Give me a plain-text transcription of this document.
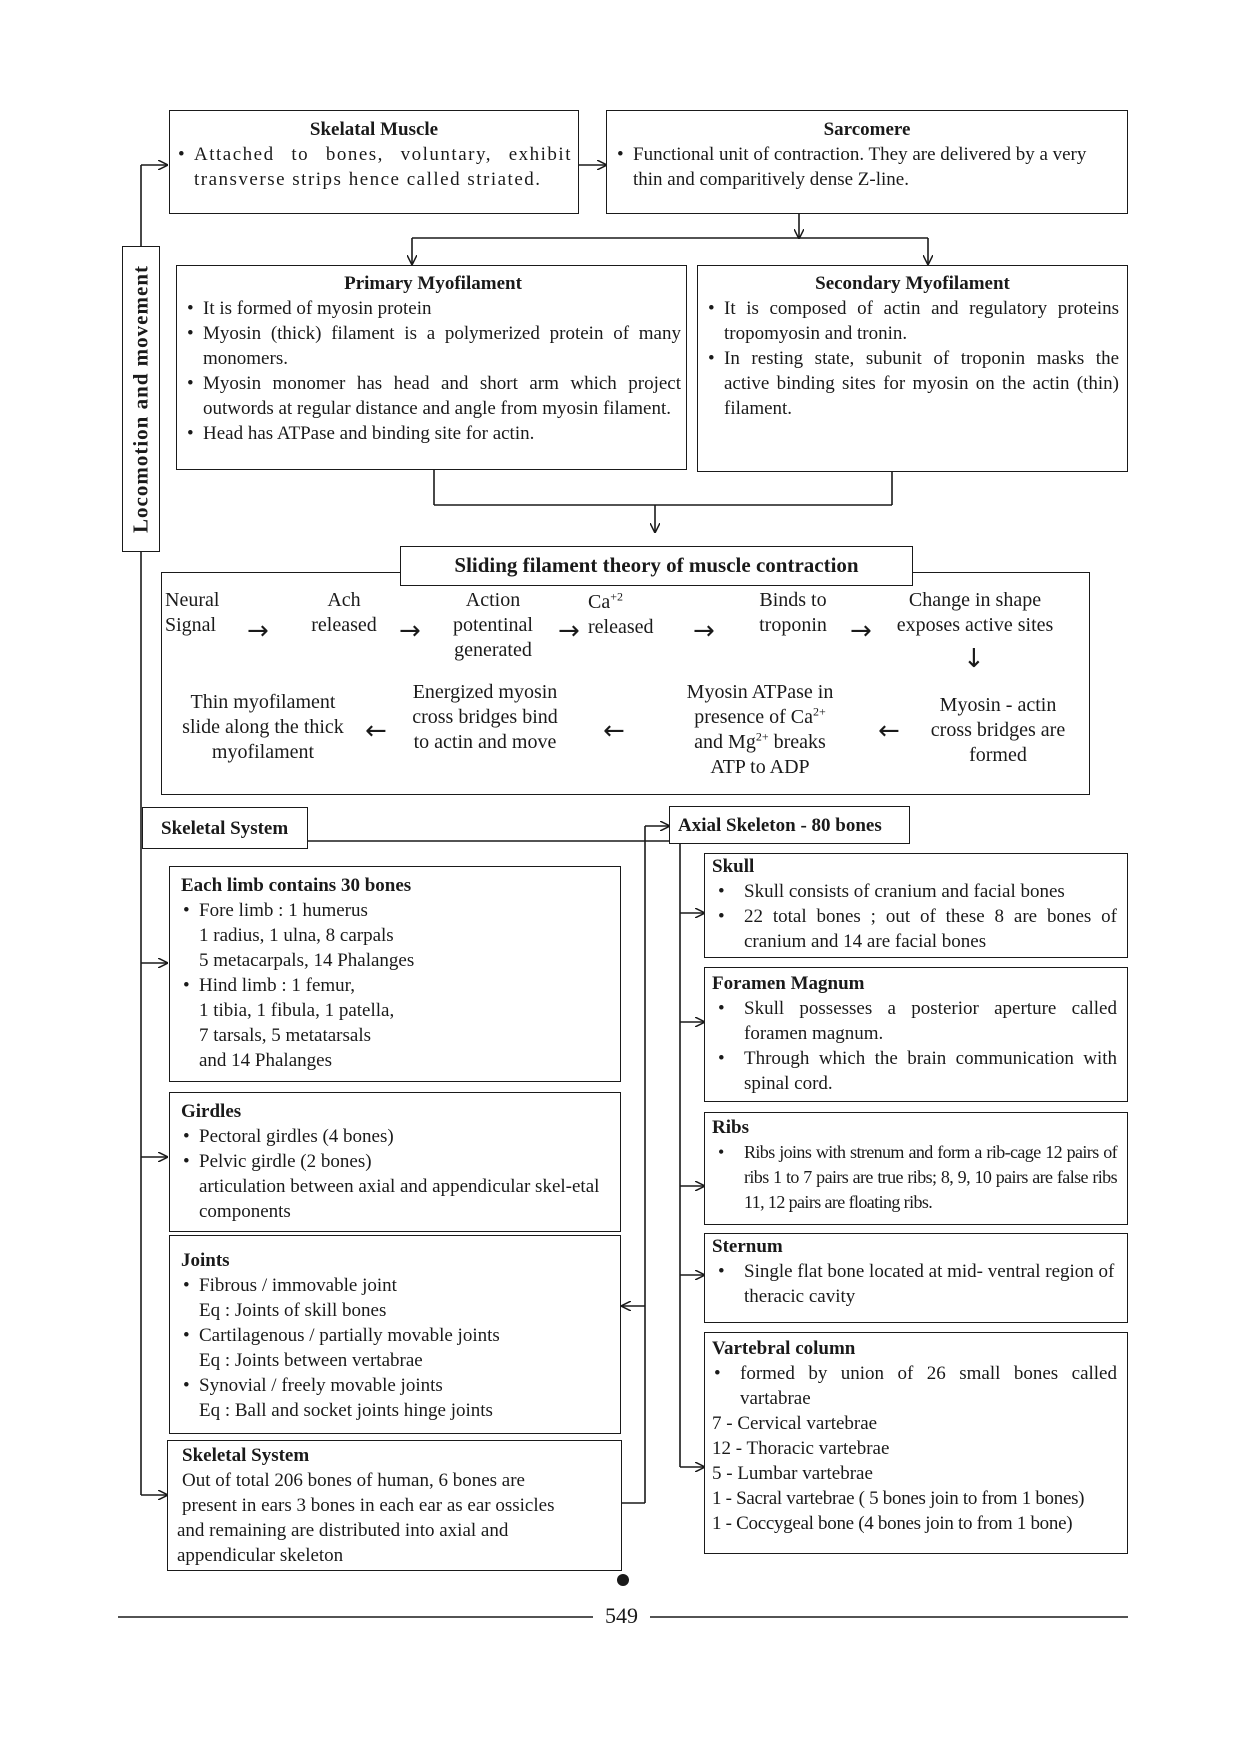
Locomotion and movement
Skelatal Muscle
• Attached to bones, voluntary, exhibit transverse strips hence called striated.
Sarcomere
• Functional unit of contraction. They are delivered by a very thin and comparitively dense Z-line.
Primary Myofilament
• It is formed of myosin protein
• Myosin (thick) filament is a polymerized protein of many monomers.
• Myosin monomer has head and short arm which project outwords at regular distance and angle from myosin filament.
• Head has ATPase and binding site for actin.
Secondary Myofilament
• It is composed of actin and regulatory proteins tropomyosin and tronin.
• In resting state, subunit of troponin masks the active binding sites for myosin on the actin (thin) filament.
Sliding filament theory of muscle contraction
Neural
Signal	→
Ach
released →
Action
potentinal
generated
→
$Ca^{+2}$
released	→
Binds to
troponin →
Change in shape
exposes active sites
↓
Thin myofilament
slide along the thick
myofilament
←
Energized myosin
cross bridges bind
to actin and move	←
Myosin ATPase in
presence of $Ca^{2+}$
and $Mg^{2+}$ breaks
ATP to ADP
←
Myosin - actin
cross bridges are
formed
Skeletal System	Axial Skeleton - 80 bones
Each limb contains 30 bones
• Fore limb : 1 humerus
1 radius, 1 ulna, 8 carpals
5 metacarpals, 14 Phalanges
• Hind limb : 1 femur,
1 tibia, 1 fibula, 1 patella,
7 tarsals, 5 metatarsals
and 14 Phalanges
Girdles
• Pectoral girdles (4 bones)
• Pelvic girdle (2 bones)
articulation between axial and appendicular skel-etal components
Joints
• Fibrous / immovable joint
Eq : Joints of skill bones
• Cartilagenous / partially movable joints
Eq : Joints between vertabrae
• Synovial / freely movable joints
Eq : Ball and socket joints hinge joints
Skeletal System
Out of total 206 bones of human, 6 bones are
present in ears 3 bones in each ear as ear ossicles
and remaining are distributed into axial and
appendicular skeleton
Skull
• Skull consists of cranium and facial bones
• 22 total bones ; out of these 8 are bones of cranium and 14 are facial bones
Foramen Magnum
• Skull possesses a posterior aperture called foramen magnum.
• Through which the brain communication with spinal cord.
Ribs
• Ribs joins with strenum and form a rib-cage 12 pairs of ribs 1 to 7 pairs are true ribs; 8, 9, 10 pairs are false ribs 11, 12 pairs are floating ribs.
Sternum
• Single flat bone located at mid- ventral region of theracic cavity
Vartebral column
• formed by union of 26 small bones called vartabrae
7 - Cervical vartebrae
12 - Thoracic vartebrae
5 - Lumbar vartebrae
1 - Sacral vartebrae ( 5 bones join to from 1 bones)
1 - Coccygeal bone (4 bones join to from 1 bone)
549
